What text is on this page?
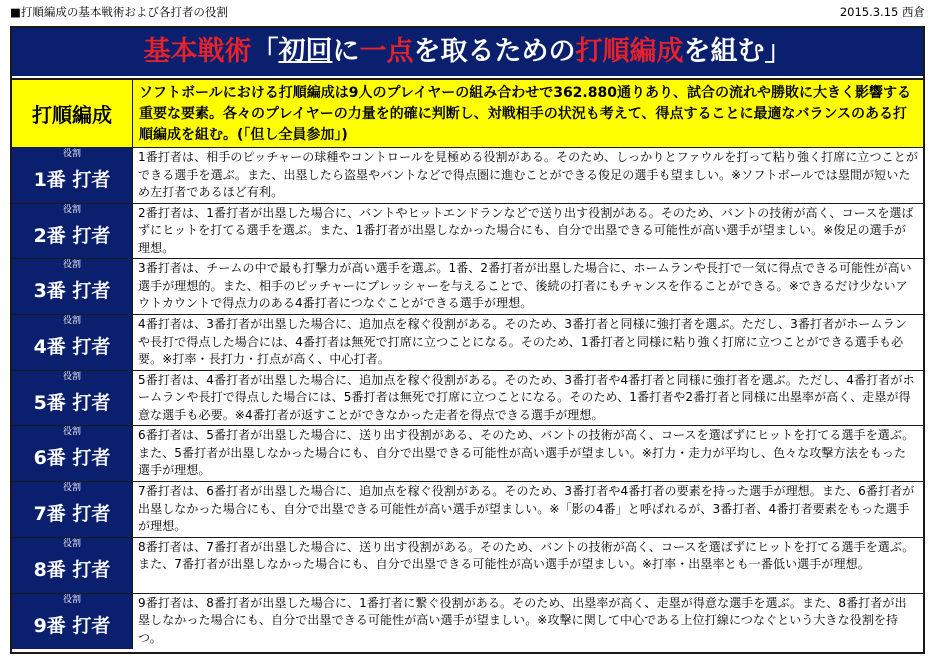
■打順編成の基本戦術および各打者の役割	2015.3.15 西倉
基本戦術「初回に一点を取るための打順編成を組む」
打順編成
ソフトボールにおける打順編成は9人のプレイヤーの組み合わせで362.880通りあり、試合の流れや勝敗に大きく影響する重要な要素。各々のプレイヤーの力量を的確に判断し、対戦相手の状況も考えて、得点することに最適なバランスのある打順編成を組む。(「但し全員参加」)
役割
1番 打者
1番打者は、相手のピッチャーの球種やコントロールを見極める役割がある。そのため、しっかりとファウルを打って粘り強く打席に立つことができる選手を選ぶ。また、出塁したら盗塁やバントなどで得点圏に進むことができる俊足の選手も望ましい。※ソフトボールでは塁間が短いため左打者であるほど有利。
役割
2番 打者
2番打者は、1番打者が出塁した場合に、バントやヒットエンドランなどで送り出す役割がある。そのため、バントの技術が高く、コースを選ばずにヒットを打てる選手を選ぶ。また、1番打者が出塁しなかった場合にも、自分で出塁できる可能性が高い選手が望ましい。※俊足の選手が理想。
役割
3番 打者
3番打者は、チームの中で最も打撃力が高い選手を選ぶ。1番、2番打者が出塁した場合に、ホームランや長打で一気に得点できる可能性が高い選手が理想的。また、相手のピッチャーにプレッシャーを与えることで、後続の打者にもチャンスを作ることができる。※できるだけ少ないアウトカウントで得点力のある4番打者につなぐことができる選手が理想。
役割
4番 打者
4番打者は、3番打者が出塁した場合に、追加点を稼ぐ役割がある。そのため、3番打者と同様に強打者を選ぶ。ただし、3番打者がホームランや長打で得点した場合には、4番打者は無死で打席に立つことになる。そのため、1番打者と同様に粘り強く打席に立つことができる選手も必要。※打率・長打力・打点が高く、中心打者。
役割
5番 打者
5番打者は、4番打者が出塁した場合に、追加点を稼ぐ役割がある。そのため、3番打者や4番打者と同様に強打者を選ぶ。ただし、4番打者がホームランや長打で得点した場合には、5番打者は無死で打席に立つことになる。そのため、1番打者や2番打者と同様に出塁率が高く、走塁が得意な選手も必要。※4番打者が返すことができなかった走者を得点できる選手が理想。
役割
6番 打者
6番打者は、5番打者が出塁した場合に、送り出す役割がある、そのため、バントの技術が高く、コースを選ばずにヒットを打てる選手を選ぶ。また、5番打者が出塁しなかった場合にも、自分で出塁できる可能性が高い選手が望ましい。※打力・走力が平均し、色々な攻撃方法をもった選手が理想。
役割
7番 打者
7番打者は、6番打者が出塁した場合に、追加点を稼ぐ役割がある。そのため、3番打者や4番打者の要素を持った選手が理想。また、6番打者が出塁しなかった場合にも、自分で出塁できる可能性が高い選手が望ましい。※「影の4番」と呼ばれるが、3番打者、4番打者要素をもった選手が理想。
役割
8番 打者
8番打者は、7番打者が出塁した場合に、送り出す役割がある。そのため、バントの技術が高く、コースを選ばずにヒットを打てる選手を選ぶ。また、7番打者が出塁しなかった場合にも、自分で出塁できる可能性が高い選手が望ましい。※打率・出塁率とも一番低い選手が理想。
役割
9番 打者
9番打者は、8番打者が出塁した場合に、1番打者に繋ぐ役割がある。そのため、出塁率が高く、走塁が得意な選手を選ぶ。また、8番打者が出塁しなかった場合にも、自分で出塁できる可能性が高い選手が望ましい。※攻撃に関して中心である上位打線につなぐという大きな役割を持つ。
